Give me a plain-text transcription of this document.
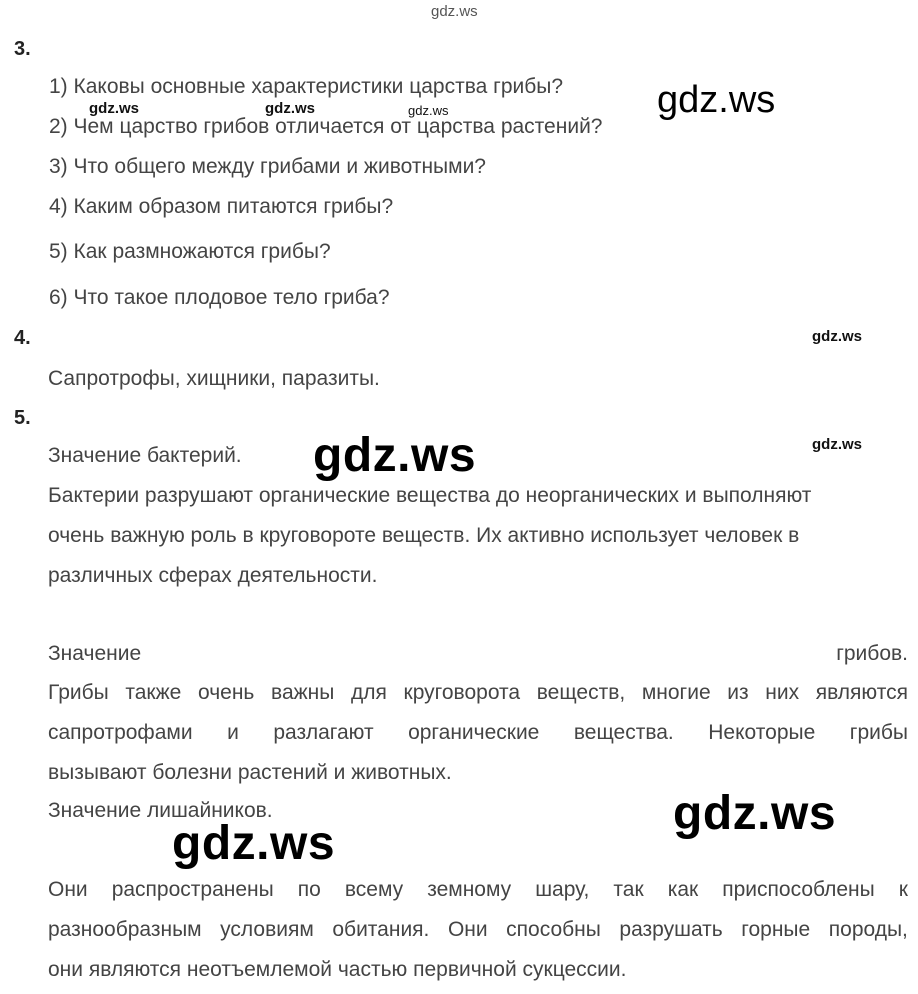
gdz.ws
3.
1) Каковы основные характеристики царства грибы?
2) Чем царство грибов отличается от царства растений?
3) Что общего между грибами и животными?
4) Каким образом питаются грибы?
5) Как размножаются грибы?
6) Что такое плодовое тело гриба?
gdz.ws	gdz.ws	gdz.ws	gdz.ws
4.	gdz.ws
Сапротрофы, хищники, паразиты.
5.
gdz.ws
Значение бактерий. gdz.ws
Бактерии разрушают органические вещества до неорганических и выполняют
очень важную роль в круговороте веществ. Их активно использует человек в
различных сферах деятельности.
Значение	грибов.
Грибы также очень важны для круговорота веществ, многие из них являются
сапротрофами и разлагают органические вещества. Некоторые грибы
вызывают болезни растений и животных.
Значение лишайников.	gdz.ws
gdz.ws
Они распространены по всему земному шару, так как приспособлены к
разнообразным условиям обитания. Они способны разрушать горные породы,
они являются неотъемлемой частью первичной сукцессии.
